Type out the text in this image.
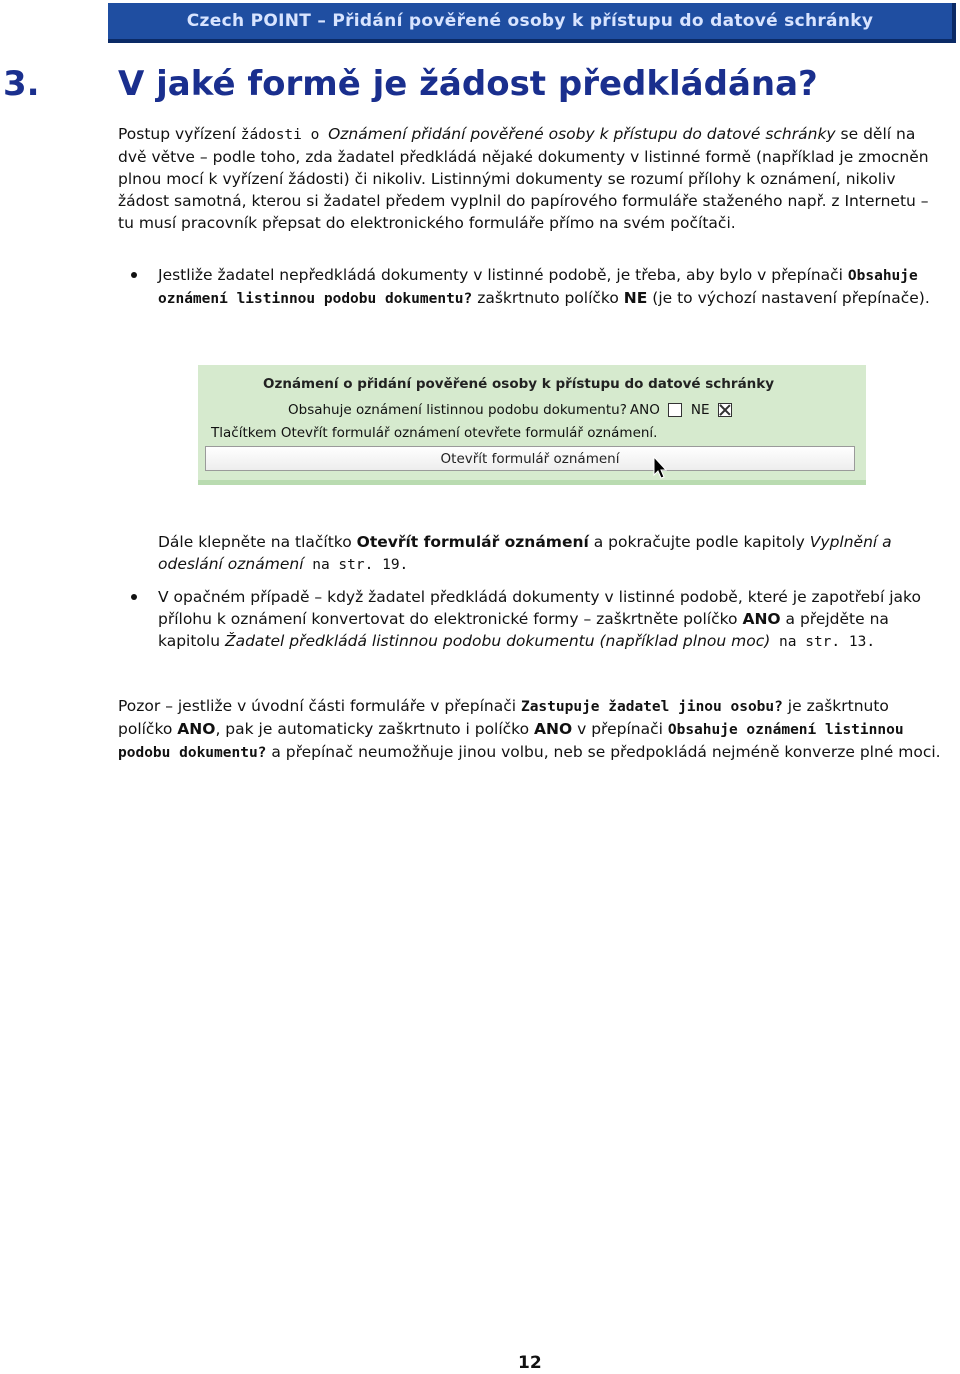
Czech POINT – Přidání pověřené osoby k přístupu do datové schránky
3. V jaké formě je žádost předkládána?

Postup vyřízení žádosti o Oznámení přidání pověřené osoby k přístupu do datové schránky se dělí na dvě větve – podle toho, zda žadatel předkládá nějaké dokumenty v listinné formě (například je zmocněn plnou mocí k vyřízení žádosti) či nikoliv. Listinnými dokumenty se rozumí přílohy k oznámení, nikoliv žádost samotná, kterou si žadatel předem vyplnil do papírového formuláře staženého např. z Internetu – tu musí pracovník přepsat do elektronického formuláře přímo na svém počítači.

Jestliže žadatel nepředkládá dokumenty v listinné podobě, je třeba, aby bylo v přepínači Obsahuje oznámení listinnou podobu dokumentu? zaškrtnuto políčko NE (je to výchozí nastavení přepínače).

Oznámení o přidání pověřené osoby k přístupu do datové schránky
Obsahuje oznámení listinnou podobu dokumentu? ANO NE
Tlačítkem Otevřít formulář oznámení otevřete formulář oznámení.
Otevřít formulář oznámení

Dále klepněte na tlačítko Otevřít formulář oznámení a pokračujte podle kapitoly Vyplnění a odeslání oznámení na str. 19.

V opačném případě – když žadatel předkládá dokumenty v listinné podobě, které je zapotřebí jako přílohu k oznámení konvertovat do elektronické formy – zaškrtněte políčko ANO a přejděte na kapitolu Žadatel předkládá listinnou podobu dokumentu (například plnou moc) na str. 13.

Pozor – jestliže v úvodní části formuláře v přepínači Zastupuje žadatel jinou osobu? je zaškrtnuto políčko ANO, pak je automaticky zaškrtnuto i políčko ANO v přepínači Obsahuje oznámení listinnou podobu dokumentu? a přepínač neumožňuje jinou volbu, neb se předpokládá nejméně konverze plné moci.

12
